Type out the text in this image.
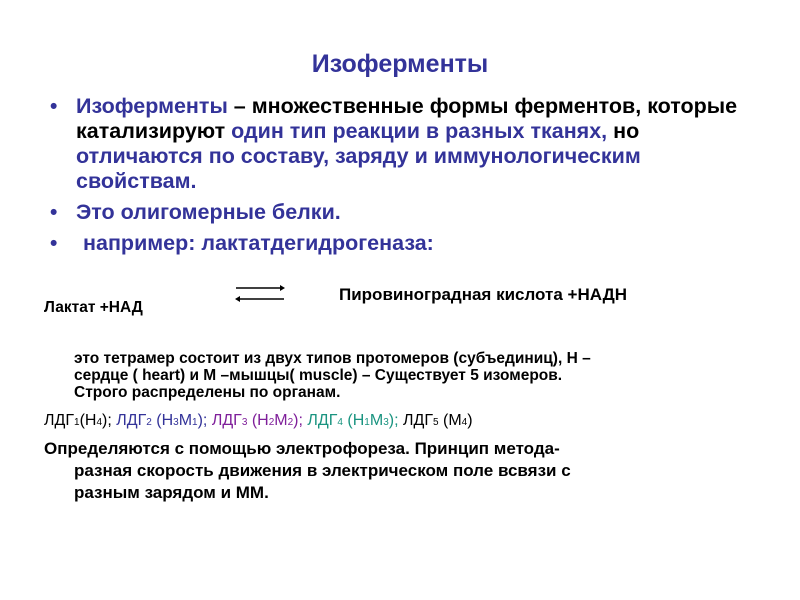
Изоферменты
• Изоферменты – множественные формы ферментов, которые катализируют один тип реакции в разных тканях, но отличаются по составу, заряду и иммунологическим свойствам.
• Это олигомерные белки.
• например: лактатдегидрогеназа:
Лактат +НАД
Пировиноградная кислота +НАДН
это тетрамер состоит из двух типов протомеров (субъединиц), Н –
сердце ( heart) и М –мышцы( muscle) – Существует 5 изомеров.
Строго распределены по органам.
ЛДГ1(Н4); ЛДГ2 (Н3М1); ЛДГ3 (Н2М2); ЛДГ4 (Н1М3); ЛДГ5 (М4)
Определяются с помощью электрофореза. Принцип метода-
разная скорость движения в электрическом поле всвязи с
разным зарядом и ММ.
